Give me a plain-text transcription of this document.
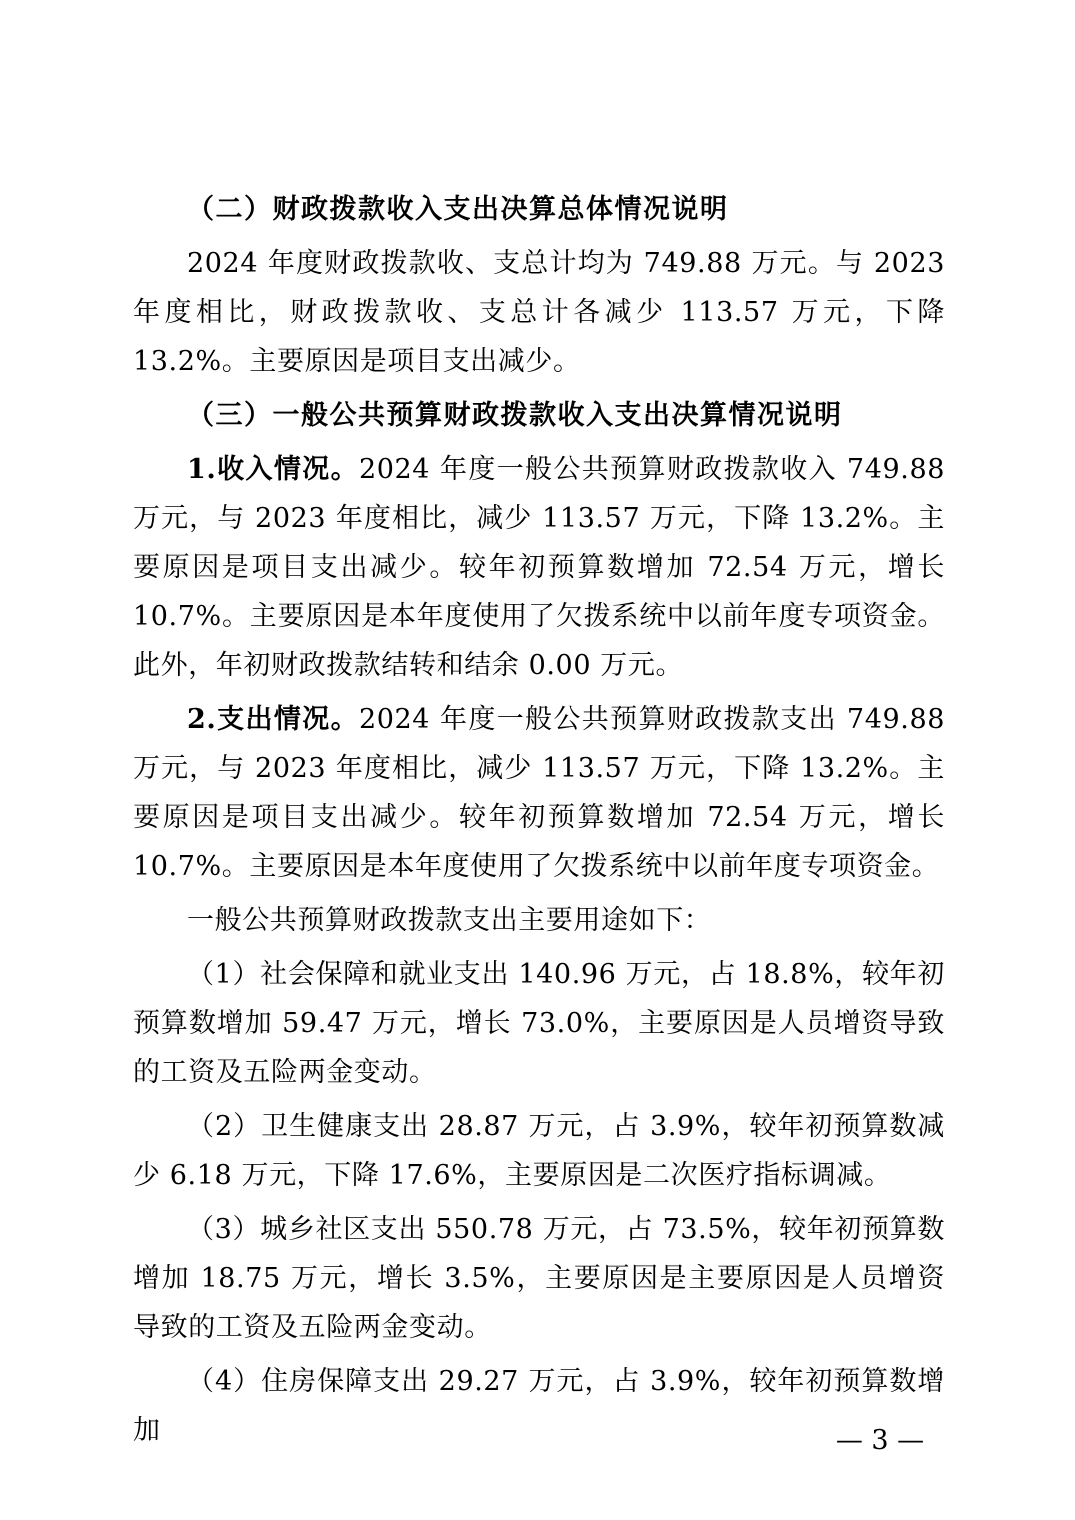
（二）财政拨款收入支出决算总体情况说明

2024 年度财政拨款收、支总计均为 749.88 万元。与 2023 年度相比，财政拨款收、支总计各减少 113.57 万元，下降 13.2%。主要原因是项目支出减少。

（三）一般公共预算财政拨款收入支出决算情况说明

1.收入情况。2024 年度一般公共预算财政拨款收入 749.88 万元，与 2023 年度相比，减少 113.57 万元，下降 13.2%。主要原因是项目支出减少。较年初预算数增加 72.54 万元，增长 10.7%。主要原因是本年度使用了欠拨系统中以前年度专项资金。此外，年初财政拨款结转和结余 0.00 万元。

2.支出情况。2024 年度一般公共预算财政拨款支出 749.88 万元，与 2023 年度相比，减少 113.57 万元，下降 13.2%。主要原因是项目支出减少。较年初预算数增加 72.54 万元，增长 10.7%。主要原因是本年度使用了欠拨系统中以前年度专项资金。

一般公共预算财政拨款支出主要用途如下：

（1）社会保障和就业支出 140.96 万元，占 18.8%，较年初预算数增加 59.47 万元，增长 73.0%，主要原因是人员增资导致的工资及五险两金变动。

（2）卫生健康支出 28.87 万元，占 3.9%，较年初预算数减少 6.18 万元，下降 17.6%，主要原因是二次医疗指标调减。

（3）城乡社区支出 550.78 万元，占 73.5%，较年初预算数增加 18.75 万元，增长 3.5%，主要原因是主要原因是人员增资导致的工资及五险两金变动。

（4）住房保障支出 29.27 万元，占 3.9%，较年初预算数增加	— 3 —
